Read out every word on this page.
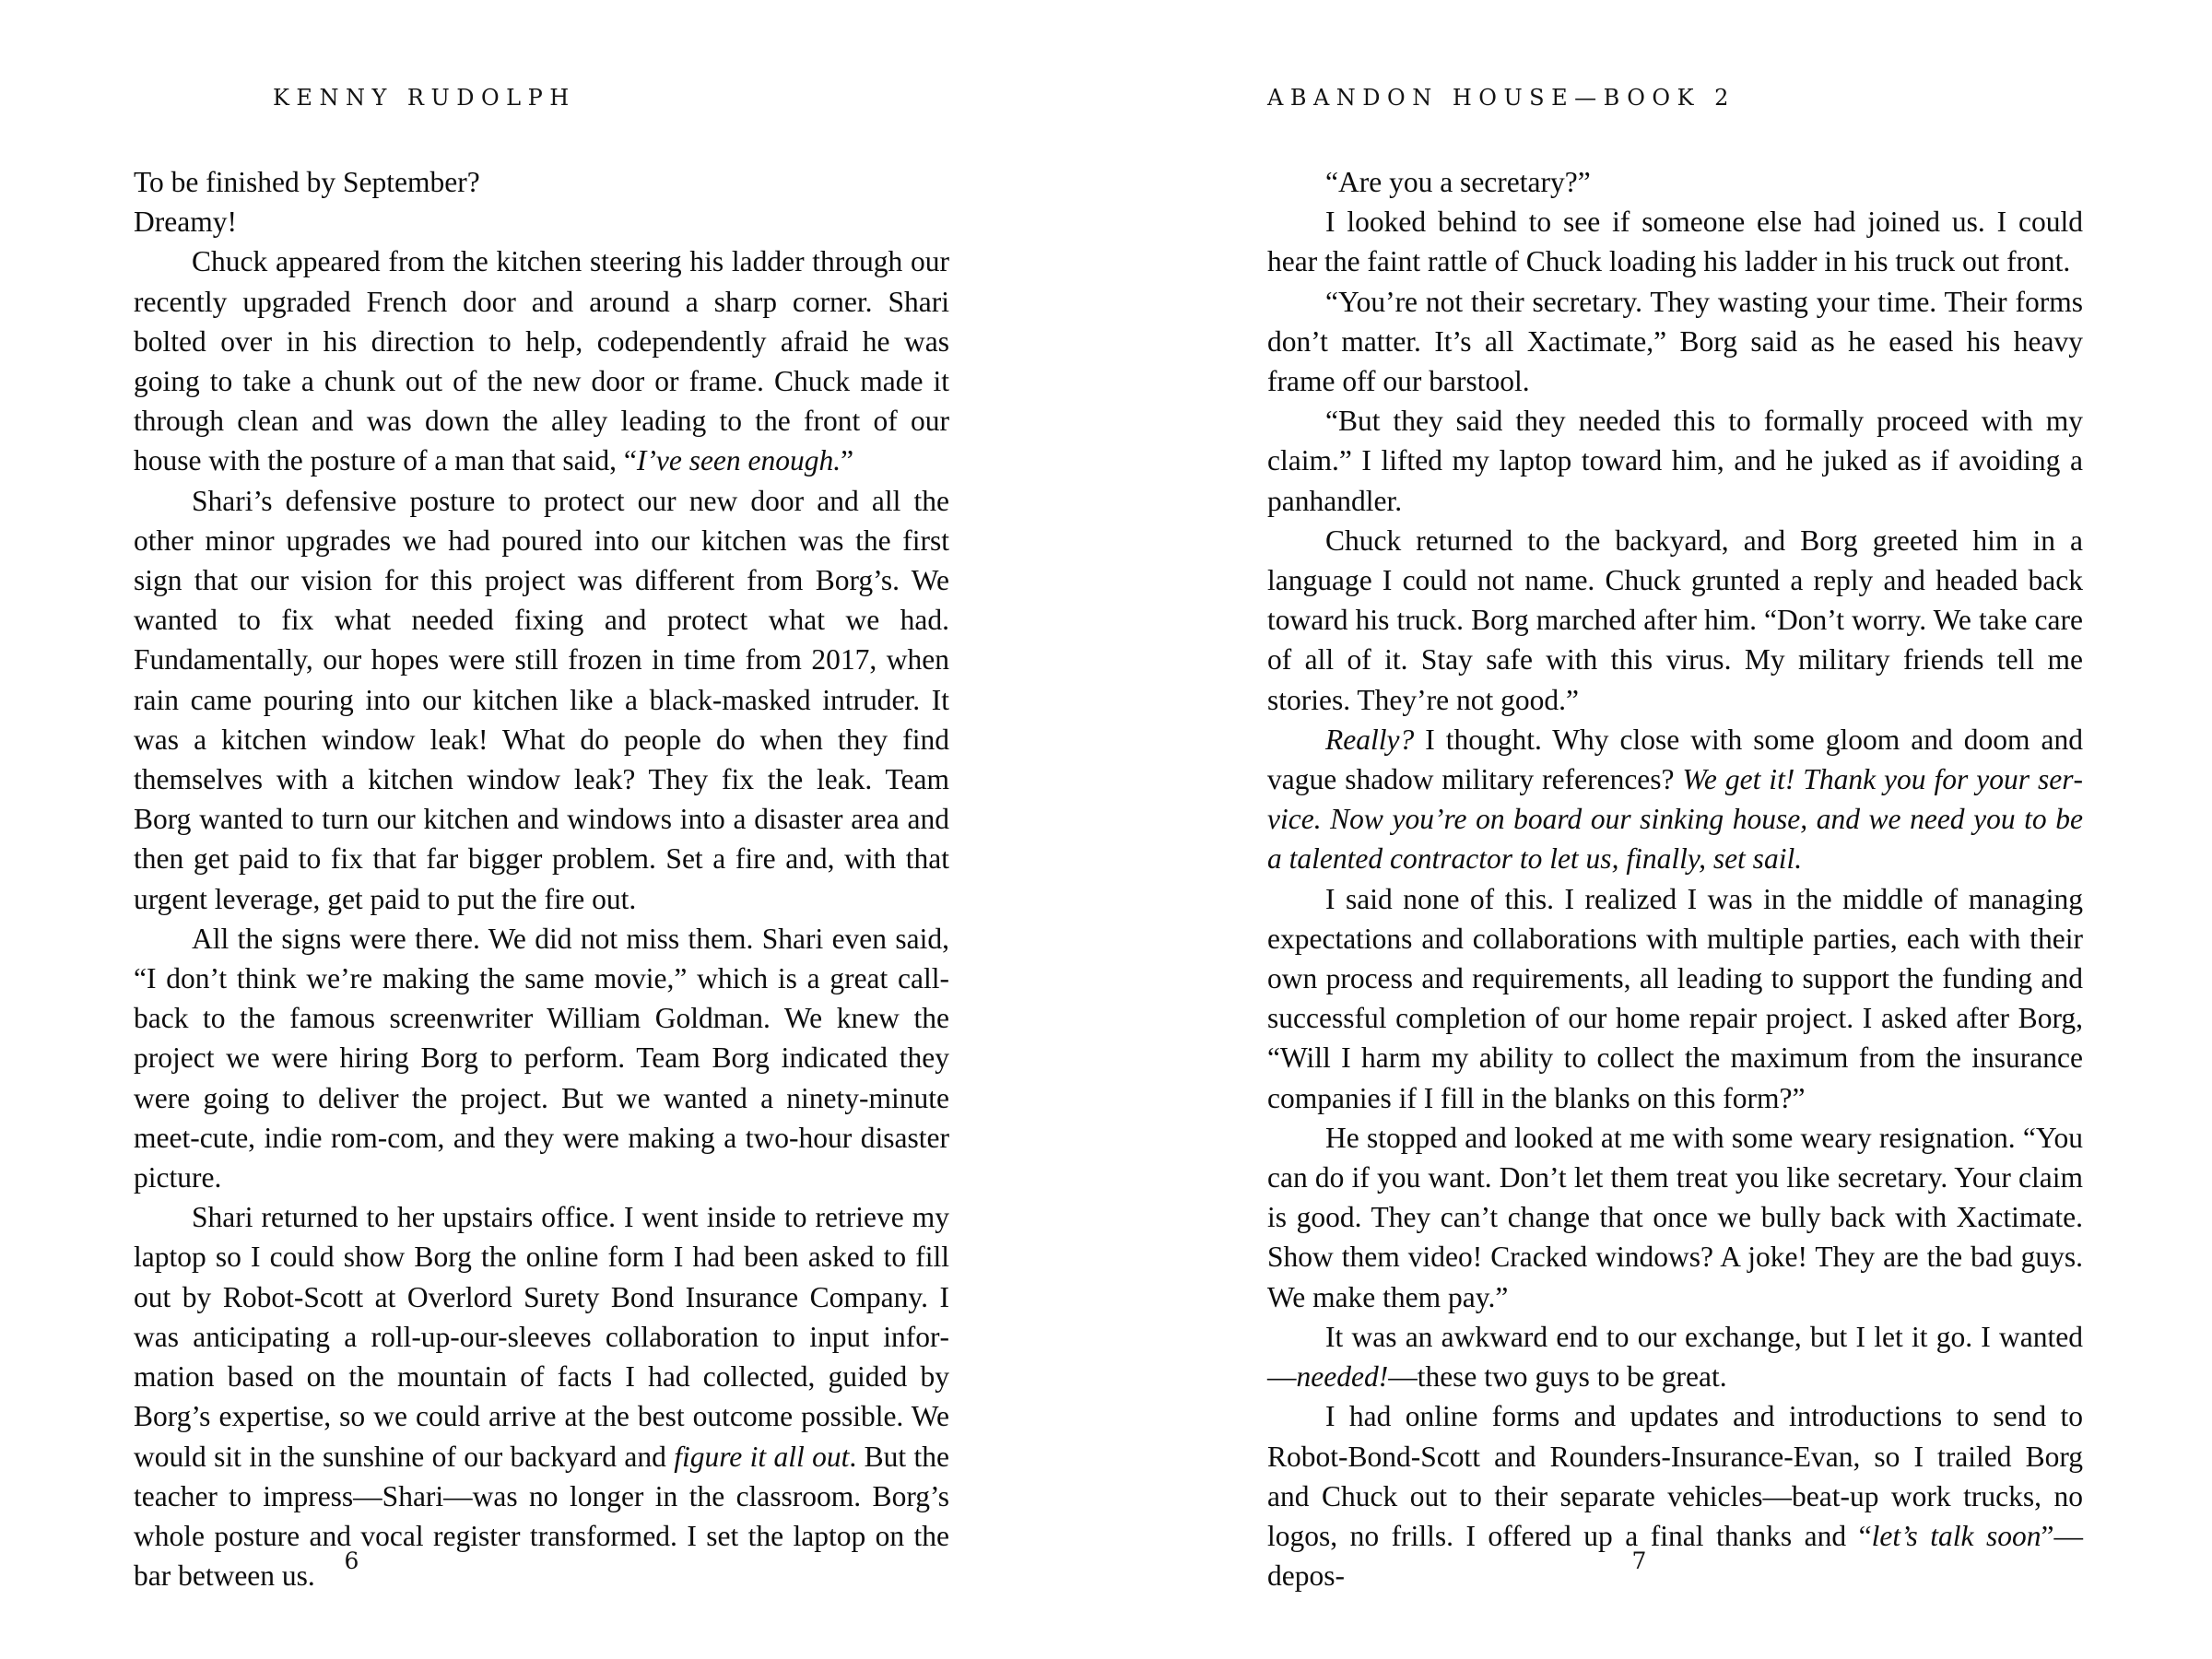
KENNY RUDOLPH

To be finished by September?

Dreamy!

Chuck appeared from the kitchen steering his ladder through our recently upgraded French door and around a sharp corner. Shari bolted over in his direction to help, codependently afraid he was going to take a chunk out of the new door or frame. Chuck made it through clean and was down the alley leading to the front of our house with the posture of a man that said, “I’ve seen enough.”

Shari’s defensive posture to protect our new door and all the other minor upgrades we had poured into our kitchen was the first sign that our vision for this project was different from Borg’s. We wanted to fix what needed fixing and protect what we had. Fundamentally, our hopes were still frozen in time from 2017, when rain came pouring into our kitchen like a black-masked intruder. It was a kitchen window leak! What do people do when they find themselves with a kitchen window leak? They fix the leak. Team Borg wanted to turn our kitchen and windows into a disaster area and then get paid to fix that far bigger problem. Set a fire and, with that urgent leverage, get paid to put the fire out.

All the signs were there. We did not miss them. Shari even said, “I don’t think we’re making the same movie,” which is a great callback to the famous screenwriter William Goldman. We knew the project we were hiring Borg to perform. Team Borg indicated they were going to deliver the project. But we wanted a ninety-minute meet-cute, indie rom-com, and they were making a two-hour disaster picture.

Shari returned to her upstairs office. I went inside to retrieve my laptop so I could show Borg the online form I had been asked to fill out by Robot-Scott at Overlord Surety Bond Insurance Company. I was anticipating a roll-up-our-sleeves collaboration to input information based on the mountain of facts I had collected, guided by Borg’s expertise, so we could arrive at the best outcome possible. We would sit in the sunshine of our backyard and figure it all out. But the teacher to impress—Shari—was no longer in the classroom. Borg’s whole posture and vocal register transformed. I set the laptop on the bar between us.	6
ABANDON HOUSE—BOOK 2

“Are you a secretary?”

I looked behind to see if someone else had joined us. I could hear the faint rattle of Chuck loading his ladder in his truck out front.

“You’re not their secretary. They wasting your time. Their forms don’t matter. It’s all Xactimate,” Borg said as he eased his heavy frame off our barstool.

“But they said they needed this to formally proceed with my claim.” I lifted my laptop toward him, and he juked as if avoiding a panhandler.

Chuck returned to the backyard, and Borg greeted him in a language I could not name. Chuck grunted a reply and headed back toward his truck. Borg marched after him. “Don’t worry. We take care of all of it. Stay safe with this virus. My military friends tell me stories. They’re not good.”

Really? I thought. Why close with some gloom and doom and vague shadow military references? We get it! Thank you for your service. Now you’re on board our sinking house, and we need you to be a talented contractor to let us, finally, set sail.

I said none of this. I realized I was in the middle of managing expectations and collaborations with multiple parties, each with their own process and requirements, all leading to support the funding and successful completion of our home repair project. I asked after Borg, “Will I harm my ability to collect the maximum from the insurance companies if I fill in the blanks on this form?”

He stopped and looked at me with some weary resignation. “You can do if you want. Don’t let them treat you like secretary. Your claim is good. They can’t change that once we bully back with Xactimate. Show them video! Cracked windows? A joke! They are the bad guys. We make them pay.”

It was an awkward end to our exchange, but I let it go. I wanted—needed!—these two guys to be great.

I had online forms and updates and introductions to send to Robot-Bond-Scott and Rounders-Insurance-Evan, so I trailed Borg and Chuck out to their separate vehicles—beat-up work trucks, no logos, no frills. I offered up a final thanks and “let’s talk soon”—depos-	7
